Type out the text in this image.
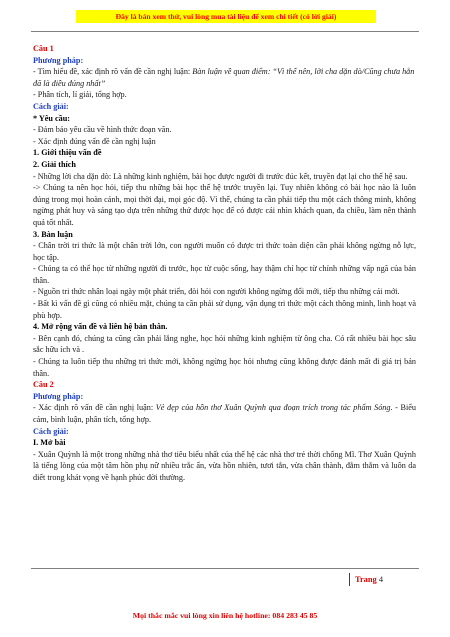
Đây là bản xem thử, vui lòng mua tài liệu để xem chi tiết (có lời giải)

Câu 1

Phương pháp:

- Tìm hiểu đề, xác định rõ vấn đề cần nghị luận: Bàn luận về quan điểm: “Vì thế nên, lời cha dặn dò/Cũng chưa hẳn đã là điều đúng nhất”

- Phân tích, lí giải, tổng hợp.

Cách giải:

* Yêu cầu:

- Đảm bảo yêu cầu về hình thức đoạn văn.

- Xác định đúng vấn đề cần nghị luận

1. Giới thiệu vấn đề

2. Giải thích

- Những lời cha dặn dò: Là những kinh nghiệm, bài học được người đi trước đúc kết, truyền đạt lại cho thế hệ sau.

-> Chúng ta nên học hỏi, tiếp thu những bài học thế hệ trước truyền lại. Tuy nhiên không có bài học nào là luôn đúng trong mọi hoàn cảnh, mọi thời đại, mọi góc độ. Vì thế, chúng ta cần phải tiếp thu một cách thông minh, không ngừng phát huy và sáng tạo dựa trên những thứ được học để có được cái nhìn khách quan, đa chiều, làm nên thành quả tốt nhất.

3. Bàn luận

- Chân trời tri thức là một chân trời lớn, con người muốn có được tri thức toàn diện cần phải không ngừng nỗ lực, học tập.

- Chúng ta có thể học từ những người đi trước, học từ cuộc sống, hay thậm chí học từ chính những vấp ngã của bản thân.

- Nguồn tri thức nhân loại ngày một phát triển, đòi hỏi con người không ngừng đổi mới, tiếp thu những cái mới.

- Bất kì vấn đề gì cũng có nhiều mặt, chúng ta cần phải sử dụng, vận dụng tri thức một cách thông minh, linh hoạt và phù hợp.

4. Mở rộng vấn đề và liên hệ bản thân.

- Bên cạnh đó, chúng ta cũng cần phải lắng nghe, học hỏi những kinh nghiệm từ ông cha. Có rất nhiều bài học sâu sắc hữu ích và .

- Chúng ta luôn tiếp thu những tri thức mới, không ngừng học hỏi nhưng cũng không được đánh mất đi giá trị bản thân.

Câu 2

Phương pháp:

- Xác định rõ vấn đề cần nghị luận: Vẻ đẹp của hồn thơ Xuân Quỳnh qua đoạn trích trong tác phẩm Sóng. - Biểu cảm, bình luận, phân tích, tổng hợp.

Cách giải:

I. Mở bài

- Xuân Quỳnh là một trong những nhà thơ tiêu biểu nhất của thế hệ các nhà thơ trẻ thời chống Mĩ. Thơ Xuân Quỳnh là tiếng lòng của một tâm hồn phụ nữ nhiều trắc ẩn, vừa hồn nhiên, tươi tắn, vừa chân thành, đằm thắm và luôn da diết trong khát vọng về hạnh phúc đời thường.

Trang 4
Mọi thắc mắc vui lòng xin liên hệ hotline: 084 283 45 85
